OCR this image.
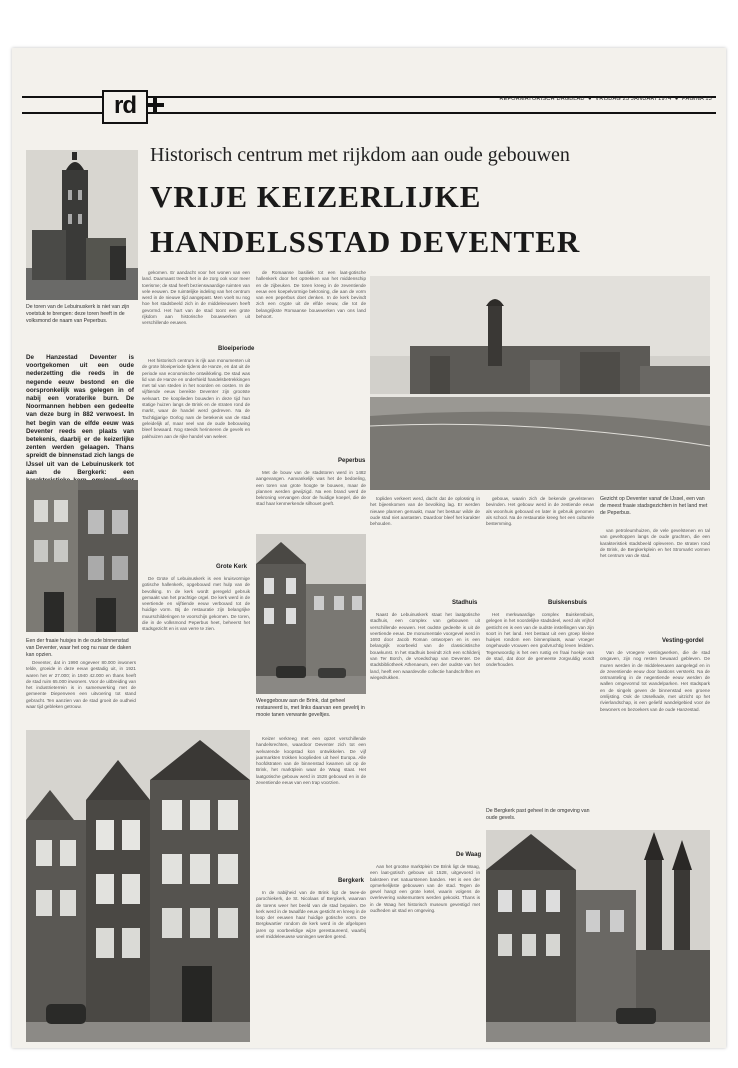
rd	REFORMATORISCH DAGBLAD  ●  VRIJDAG 25 JANUARI 1974  ●  PAGINA 13
Historisch centrum met rijkdom aan oude gebouwen
VRIJE KEIZERLIJKE
HANDELSSTAD DEVENTER
De toren van de Lebuinuskerk is niet van zijn voetstuk te brengen: deze toren heeft in de volksmond de naam van Peperbus.
De Hanzestad Deventer is voortgekomen uit een oude nederzetting die reeds in de negende eeuw bestond en die oorspronkelijk was gelegen in of nabij een voraterike burn. De Noormannen hebben een gedeelte van deze burg in 882 verwoest. In het begin van de elfde eeuw was Deventer reeds een plaats van betekenis, daarbij er de keizerlijke zenten werden gelaagen. Thans spreidt de binnenstad zich langs de IJssel uit van de Lebuinuskerk tot aan de Bergkerk: een
Een der fraaie huisjes in de oude binnenstad van Deventer, waar het oog nu naar de daken kan opzien.

Deventer, dat in 1990 ongeveer 80.000 inwoners telde, groeide in deze eeuw gestadig uit, in 1921 waren het er 27.000; in 1940 42.000 en thans heeft de stad ruim 65.000 inwoners. Voor de uitbreiding van het industrieterrein is in samenwerking met de gemeente Diepenveen een uitvoering tot stand gebracht. Ten aanzien van de stad groeit de oudheid waar tijd gebleken getrouw.

gekomen. Er aandacht voor het wonen van een land. Daarnaast treedt het in de zorg ook voor meer toerisme; de stad heeft bezienswaardige ruimten van vele eeuwen. De ruimtelijke indeling van het centrum werd in de nieuwe tijd aangepast. Men voelt nu nog hoe het stadsbeeld zich in de middeleeuwen heeft gevormd. Het hart van de stad toont een grote rijkdom aan historische bouwwerken uit verschillende eeuwen.

Bloeiperiode

Het historisch centrum is rijk aan monumenten uit de grote bloeiperiode tijdens de Hanze, en dat uit de periode van economische ontwikkeling. De stad was lid van de Hanze en onderhield handelsbetrekkingen met tal van steden in het noorden en oosten. In de vijftiende eeuw bereikte Deventer zijn grootste welvaart. De kooplieden bouwden in deze tijd hun statige huizen langs de Brink en de straten rond de markt, waar de handel werd gedreven. Na de Tachtigjarige Oorlog nam de betekenis van de stad geleidelijk af, maar veel van de oude bebouwing bleef bewaard. Nog steeds herinneren de gevels en pakhuizen aan de rijke handel van weleer.

Grote Kerk

De Grote of Lebuinuskerk is een kruisvormige gotische hallenkerk, opgebouwd met hulp van de bevolking. In de kerk wordt geregeld gebruik gemaakt van het prachtige orgel. De kerk werd in de veertiende en vijftiende eeuw verbouwd tot de huidige vorm. Bij de restauratie zijn belangrijke muurschilderingen te voorschijn gekomen. De toren, die in de volksmond Peperbus heet, beheerst het stadsgezicht en is van verre te zien.

de Romaanse basiliek tot een laat-gotische hallenkerk door het optrekken van het middenschip en de zijbeuken. De toren kreeg in de zeventiende eeuw een koepelvormige bekroning, die aan de vorm van een peperbus doet denken. In de kerk bevindt zich een crypte uit de elfde eeuw, die tot de belangrijkste Romaanse bouwwerken van ons land behoort.

Peperbus

Met de bouw van de stadstoren werd in 1482 aangevangen. Aanvankelijk was het de bedoeling, een toren van grote hoogte te bouwen, maar de plannen werden gewijzigd. Na een brand werd de bekroning vervangen door de huidige koepel, die de stad haar kenmerkende silhouet geeft.

Weeggebouw aan de Brink, dat geheel restaureerd is, met links daarvan een gevelrij in mooie tanen verwante geveltjes.

Keizer verkreeg met een opzet verschillende handelsrechten, waardoor Deventer zich tot een welvarende koopstad kon ontwikkelen. De vijf jaarmarkten trokken kooplieden uit heel Europa. Alle hoofdstraten van de binnenstad kwamen uit op de Brink, het marktplein waar de Waag staat. Het laatgotische gebouw werd in 1528 gebouwd en in de zeventiende eeuw van een trap voorzien.

Bergkerk

In de nabijheid van de Brink ligt de twee-de parochiekerk, de St. Nicolaas of Bergkerk, waarvan de torens weer het beeld van de stad bepalen. De kerk werd in de twaalfde eeuw gesticht en kreeg in de loop der eeuwen haar huidige gotische vorm. De Bergkwartier rondom de kerk werd in de afgelopen jaren op voorbeeldige wijze gerestaureerd, waarbij veel middeleeuwse woningen werden gered.

topliden verkeert werd, dacht dat de oplossing in het bijeenkomen van de bevolking lag. Er werden nieuwe plannen gemaakt, maar het bestuur wilde de oude stad niet aantasten. Daardoor bleef het karakter behouden.

Stadhuis

Naast de Lebuinuskerk staat het laatgotische stadhuis, een complex van gebouwen uit verschillende eeuwen. Het oudste gedeelte is uit de veertiende eeuw. De monumentale voorgevel werd in 1693 door Jacob Roman ontworpen en is een belangrijk voorbeeld van de classicistische bouwkunst. In het stadhuis bevindt zich een schilderij van Ter Borch, de vroedschap van Deventer. De stadsbibliotheek Athenaeum, een der oudste van het land, heeft een waardevolle collectie handschriften en wiegedrukken.

De Waag

Aan het grootse marktplein De Brink ligt de Waag, een laat-gotisch gebouw uit 1528, uitgevoerd in baksteen met natuurstenen banden. Het is een der opmerkelijkste gebouwen van de stad. Tegen de gevel hangt een grote ketel, waarin volgens de overlevering valsemunters werden gekookt. Thans is in de Waag het historisch museum gevestigd met oudheden uit stad en omgeving.

gebouw, waarin zich de bekende gevelstenen bevinden. Het gebouw werd in de zestiende eeuw als woonhuis gebouwd en later in gebruik genomen als school. Na de restauratie kreeg het een culturele bestemming.

Buiskensbuis

Het merkwaardige complex Buiskensbuis, gelegen in het noordelijke stadsdeel, werd als vrijhof gesticht en is een van de oudste instellingen van zijn soort in het land. Het bestaat uit een groep kleine huisjes rondom een binnenplaats, waar vroeger ongehuwde vrouwen een godvruchtig leven leidden. Tegenwoordig is het een rustig en fraai hoekje van de stad, dat door de gemeente zorgvuldig wordt onderhouden.

De Bergkerk past geheel in de omgeving van oude gevels.
Gezicht op Deventer vanaf de IJssel, een van de meest fraaie stadsgezichten in het land met de Peperbus.

van petroleumhuizen, de vele gevelstenen en tal van geveltoppen langs de oude grachten, die een karakteristiek stadsbeeld opleveren. De straten rond de Brink, de Bergkerkplein en het Stromarkt vormen het centrum van de stad.

Vesting-gordel

Van de vroegere vestingwerken, die de stad omgaven, zijn nog resten bewaard gebleven. De muren werden in de middeleeuwen aangelegd en in de zeventiende eeuw door bastions versterkt. Na de ontmanteling in de negentiende eeuw werden de wallen omgevormd tot wandelparken. Het stadspark en de singels geven de binnenstad een groene omlijsting. Ook de IJsselkade, met uitzicht op het rivierlandschap, is een geliefd wandelgebied voor de bewoners en bezoekers van de oude Hanzestad.
